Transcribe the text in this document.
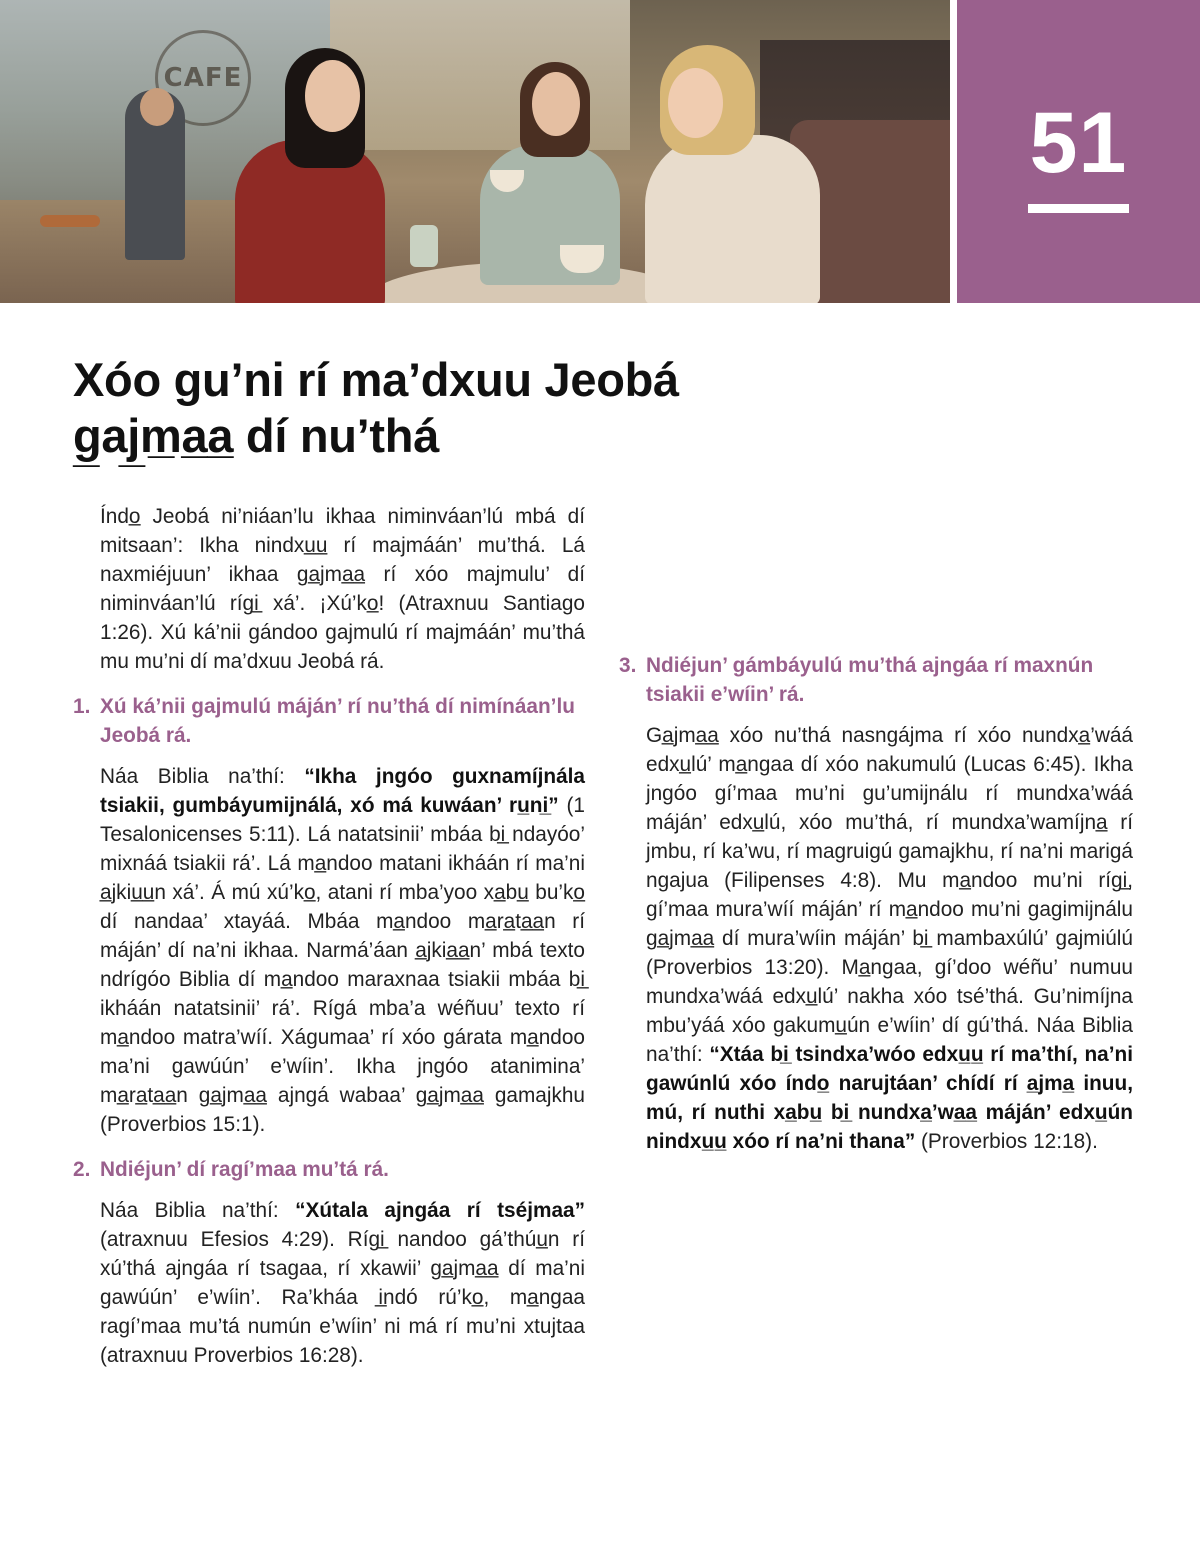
CAFE
51
Xóo gu’ni rí ma’dxuu Jeobá
g̲aj̲m̲a̲a̲ dí nu’thá

Índo̲ Jeobá ni’niáan’lu ikhaa niminváan’lú mbá dí mitsaan’: Ikha nindxu̲u̲ rí majmáán’ mu’thá. Lá naxmiéjuun’ ikhaa ga̲jma̲a̲ rí xóo majmulu’ dí niminváan’lú rígi̲ xá’. ¡Xú’ko̲! (Atraxnuu Santiago 1:26). Xú ká’nii gándoo gajmulú rí majmáán’ mu’thá mu mu’ni dí ma’dxuu Jeobá rá.

1. Xú ká’nii gajmulú máján’ rí nu’thá dí nimínáan’lu Jeobá rá.

Náa Biblia na’thí: “Ikha jngóo guxnamíjnála tsiakii, gumbáyumijnálá, xó má kuwáan’ ru̲ni̲” (1 Tesalonicenses 5:11). Lá natatsinii’ mbáa bi̲ ndayóo’ mixnáá tsiakii rá’. Lá ma̲ndoo matani ikháán rí ma’ni a̲jkiu̲u̲n xá’. Á mú xú’ko̲, atani rí mba’yoo xa̲bu̲ bu’ko̲ dí nandaa’ xtayáá. Mbáa ma̲ndoo ma̲ra̲ta̲a̲n rí máján’ dí na’ni ikhaa. Narmá’áan a̲jkia̲a̲n’ mbá texto ndrígóo Biblia dí ma̲ndoo maraxnaa tsiakii mbáa bi̲ ikháán natatsinii’ rá’. Rígá mba’a wéñuu’ texto rí ma̲ndoo matra’wíí. Xágumaa’ rí xóo gárata ma̲ndoo ma’ni gawúún’ e’wíin’. Ikha jngóo atanimina’ ma̲ra̲ta̲a̲n ga̲jma̲a̲ ajngá wabaa’ ga̲jma̲a̲ gamajkhu (Proverbios 15:1).

2. Ndiéjun’ dí ragí’maa mu’tá rá.

Náa Biblia na’thí: “Xútala ajngáa rí tséjmaa” (atraxnuu Efesios 4:29). Rígi̲ nandoo gá’thúu̲n rí xú’thá ajngáa rí tsagaa, rí xkawii’ ga̲jma̲a̲ dí ma’ni gawúún’ e’wíin’. Ra’kháa i̲ndó rú’ko̲, ma̲ngaa ragí’maa mu’tá numún e’wíin’ ni má rí mu’ni xtujtaa (atraxnuu Proverbios 16:28).

3. Ndiéjun’ gámbáyulú mu’thá ajngáa rí maxnún tsiakii e’wíin’ rá.

Ga̲jma̲a̲ xóo nu’thá nasngájma rí xóo nundxa̲’wáá edxu̲lú’ ma̲ngaa dí xóo nakumulú (Lucas 6:45). Ikha jngóo gí’maa mu’ni gu’umijnálu rí mundxa’wáá máján’ edxu̲lú, xóo mu’thá, rí mundxa’wamíjna̲ rí jmbu, rí ka’wu, rí magruigú gamajkhu, rí na’ni marigá ngajua (Filipenses 4:8). Mu ma̲ndoo mu’ni rígi̲, gí’maa mura’wíí máján’ rí ma̲ndoo mu’ni gagimijnálu ga̲jma̲a̲ dí mura’wíin máján’ bi̲ mambaxúlú’ gajmiúlú (Proverbios 13:20). Ma̲ngaa, gí’doo wéñu’ numuu mundxa’wáá edxu̲lú’ nakha xóo tsé’thá. Gu’nimíjna mbu’yáá xóo gakumu̲ún e’wíin’ dí gú’thá. Náa Biblia na’thí: “Xtáa bi̲ tsindxa’wóo edxu̲u̲ rí ma’thí, na’ni gawúnlú xóo índo̲ narujtáan’ chídí rí a̲jma̲ inuu, mú, rí nuthi xa̲bu̲ bi̲ nundxa̲’wa̲a̲ máján’ edxu̲ún nindxu̲u̲ xóo rí na’ni thana” (Proverbios 12:18).
